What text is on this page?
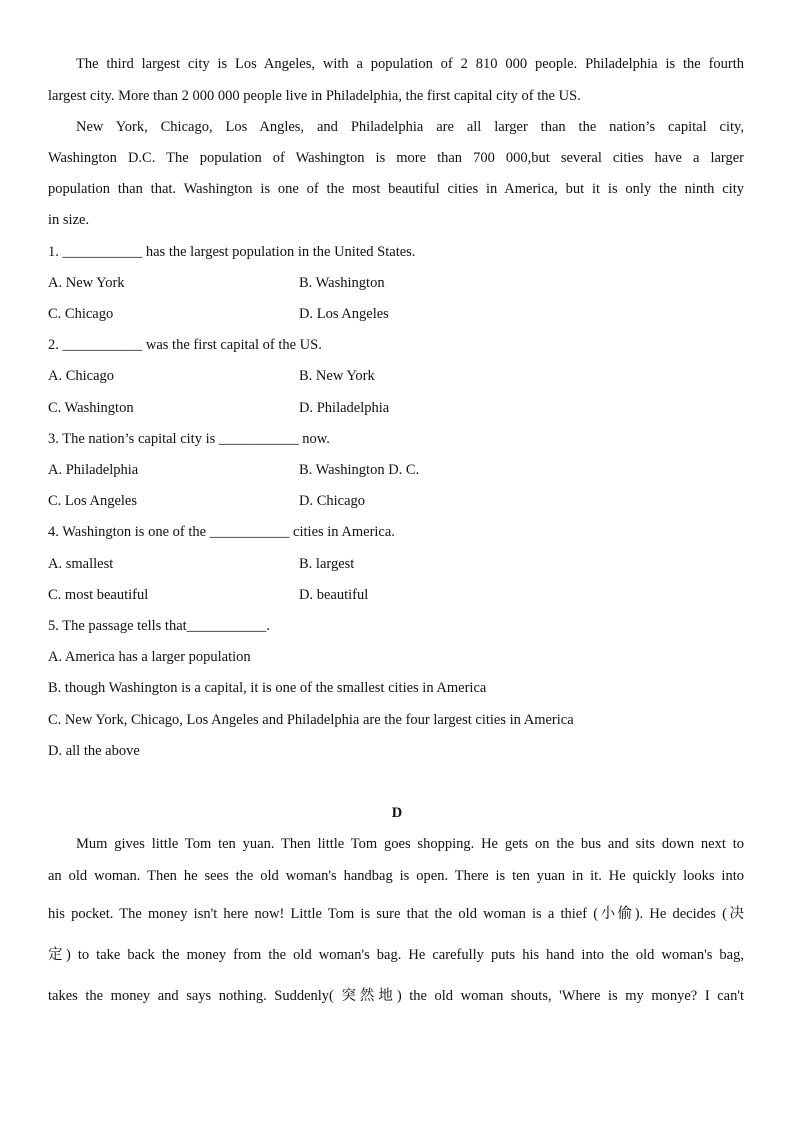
The third largest city is Los Angeles, with a population of 2 810 000 people. Philadelphia is the fourth
largest city. More than 2 000 000 people live in Philadelphia, the first capital city of the US.
New York, Chicago, Los Angles, and Philadelphia are all larger than the nation’s capital city,
Washington D.C. The population of Washington is more than 700 000,but several cities have a larger
population than that. Washington is one of the most beautiful cities in America, but it is only the ninth city
in size.
1. ___________ has the largest population in the United States.
A. New York	B. Washington
C. Chicago	D. Los Angeles
2. ___________ was the first capital of the US.
A. Chicago	B. New York
C. Washington	D. Philadelphia
3. The nation’s capital city is ___________ now.
A. Philadelphia	B. Washington D. C.
C. Los Angeles	D. Chicago
4. Washington is one of the ___________ cities in America.
A. smallest	B. largest
C. most beautiful	D. beautiful
5. The passage tells that___________.
A. America has a larger population
B. though Washington is a capital, it is one of the smallest cities in America
C. New York, Chicago, Los Angeles and Philadelphia are the four largest cities in America
D. all the above
D
Mum gives little Tom ten yuan. Then little Tom goes shopping. He gets on the bus and sits down next to
an old woman. Then he sees the old woman's handbag is open. There is ten yuan in it. He quickly looks into
his pocket. The money isn't here now! Little Tom is sure that the old woman is a thief (小偷). He decides (决
定) to take back the money from the old woman's bag. He carefully puts his hand into the old woman's bag,
takes the money and says nothing. Suddenly( 突然地) the old woman shouts, 'Where is my monye? I can't
